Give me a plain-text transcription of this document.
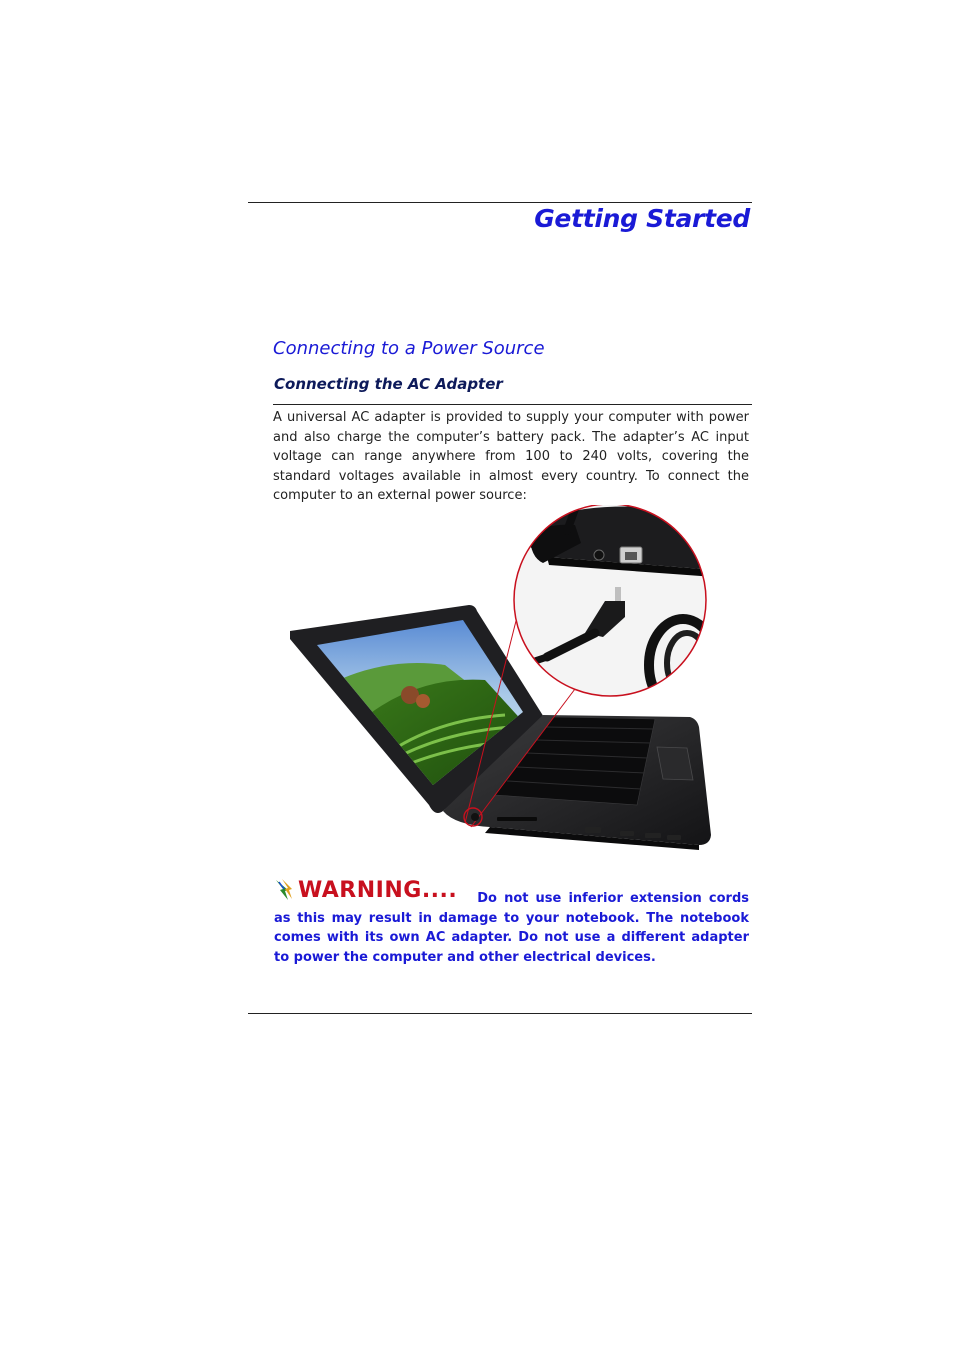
Getting Started
Connecting to a Power Source
Connecting the AC Adapter

A universal AC adapter is provided to supply your computer with power and also charge the computer’s battery pack. The adapter’s AC input voltage can range anywhere from 100 to 240 volts, covering the standard voltages available in almost every country. To connect the computer to an external power source:

WARNING.... Do not use inferior extension cords as this may result in damage to your notebook. The notebook comes with its own AC adapter. Do not use a different adapter to power the computer and other electrical devices.
